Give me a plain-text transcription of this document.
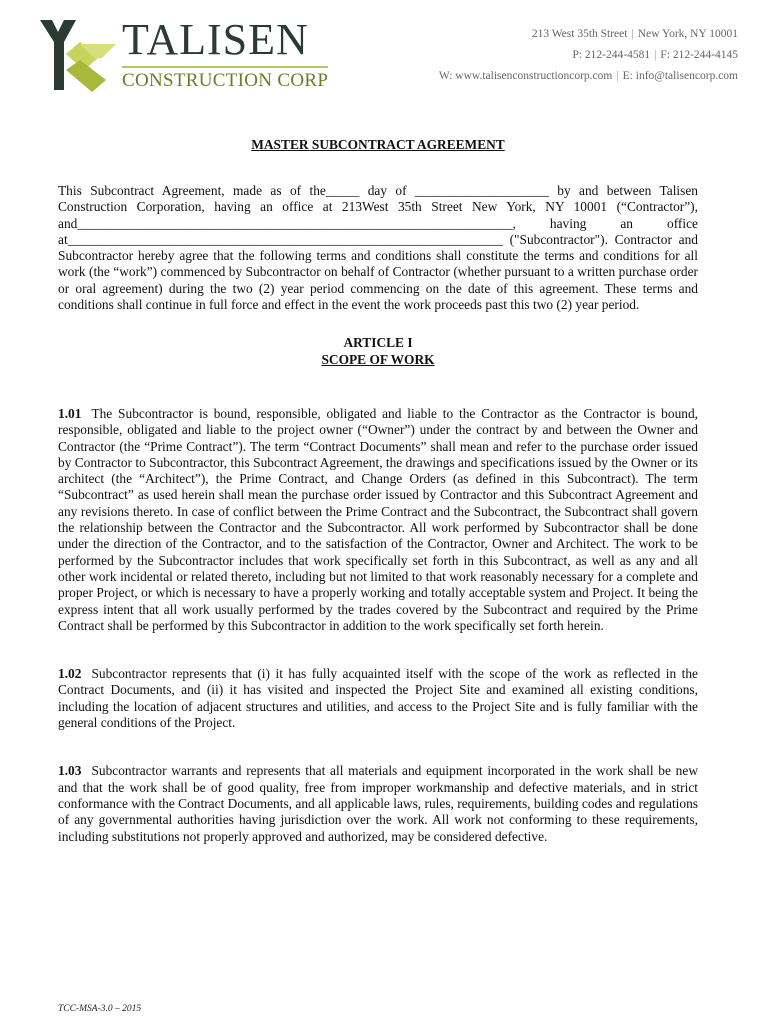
TALISEN
CONSTRUCTION CORP
213 West 35th Street | New York, NY 10001
P: 212-244-4581 | F: 212-244-4145
W: www.talisenconstructioncorp.com | E: info@talisencorp.com
MASTER SUBCONTRACT AGREEMENT

This Subcontract Agreement, made as of the_____ day of ____________________ by and between Talisen Construction Corporation, having an office at 213West 35th Street New York, NY 10001 (“Contractor”), and_________________________________________________________________, having an office at_________________________________________________________________ ("Subcontractor"). Contractor and Subcontractor hereby agree that the following terms and conditions shall constitute the terms and conditions for all work (the “work”) commenced by Subcontractor on behalf of Contractor (whether pursuant to a written purchase order or oral agreement) during the two (2) year period commencing on the date of this agreement. These terms and conditions shall continue in full force and effect in the event the work proceeds past this two (2) year period.

ARTICLE I
SCOPE OF WORK

1.01 The Subcontractor is bound, responsible, obligated and liable to the Contractor as the Contractor is bound, responsible, obligated and liable to the project owner (“Owner”) under the contract by and between the Owner and Contractor (the “Prime Contract”). The term “Contract Documents” shall mean and refer to the purchase order issued by Contractor to Subcontractor, this Subcontract Agreement, the drawings and specifications issued by the Owner or its architect (the “Architect”), the Prime Contract, and Change Orders (as defined in this Subcontract). The term “Subcontract” as used herein shall mean the purchase order issued by Contractor and this Subcontract Agreement and any revisions thereto. In case of conflict between the Prime Contract and the Subcontract, the Subcontract shall govern the relationship between the Contractor and the Subcontractor. All work performed by Subcontractor shall be done under the direction of the Contractor, and to the satisfaction of the Contractor, Owner and Architect. The work to be performed by the Subcontractor includes that work specifically set forth in this Subcontract, as well as any and all other work incidental or related thereto, including but not limited to that work reasonably necessary for a complete and proper Project, or which is necessary to have a properly working and totally acceptable system and Project. It being the express intent that all work usually performed by the trades covered by the Subcontract and required by the Prime Contract shall be performed by this Subcontractor in addition to the work specifically set forth herein.

1.02 Subcontractor represents that (i) it has fully acquainted itself with the scope of the work as reflected in the Contract Documents, and (ii) it has visited and inspected the Project Site and examined all existing conditions, including the location of adjacent structures and utilities, and access to the Project Site and is fully familiar with the general conditions of the Project.

1.03 Subcontractor warrants and represents that all materials and equipment incorporated in the work shall be new and that the work shall be of good quality, free from improper workmanship and defective materials, and in strict conformance with the Contract Documents, and all applicable laws, rules, requirements, building codes and regulations of any governmental authorities having jurisdiction over the work. All work not conforming to these requirements, including substitutions not properly approved and authorized, may be considered defective.

TCC-MSA-3.0 – 2015
